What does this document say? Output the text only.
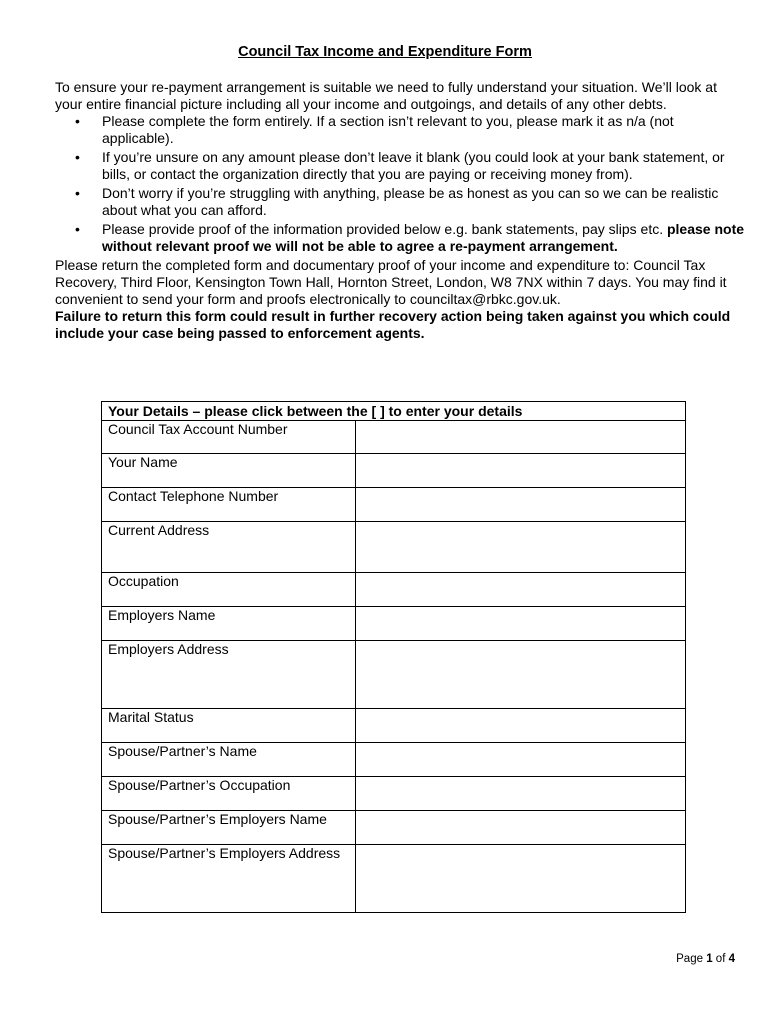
Council Tax Income and Expenditure Form

To ensure your re-payment arrangement is suitable we need to fully understand your situation. We’ll look at your entire financial picture including all your income and outgoings, and details of any other debts.

• Please complete the form entirely. If a section isn’t relevant to you, please mark it as n/a (not applicable).
• If you’re unsure on any amount please don’t leave it blank (you could look at your bank statement, or bills, or contact the organization directly that you are paying or receiving money from).
• Don’t worry if you’re struggling with anything, please be as honest as you can so we can be realistic about what you can afford.
• Please provide proof of the information provided below e.g. bank statements, pay slips etc. please note without relevant proof we will not be able to agree a re-payment arrangement.

Please return the completed form and documentary proof of your income and expenditure to: Council Tax Recovery, Third Floor, Kensington Town Hall, Hornton Street, London, W8 7NX within 7 days. You may find it convenient to send your form and proofs electronically to counciltax@rbkc.gov.uk.

Failure to return this form could result in further recovery action being taken against you which could include your case being passed to enforcement agents.

Your Details – please click between the [ ] to enter your details	
Council Tax Account Number	
Your Name	
Contact Telephone Number	
Current Address	
Occupation	
Employers Name	
Employers Address	
Marital Status	
Spouse/Partner’s Name	
Spouse/Partner’s Occupation	
Spouse/Partner’s Employers Name	
Spouse/Partner’s Employers Address	
Page 1 of 4
